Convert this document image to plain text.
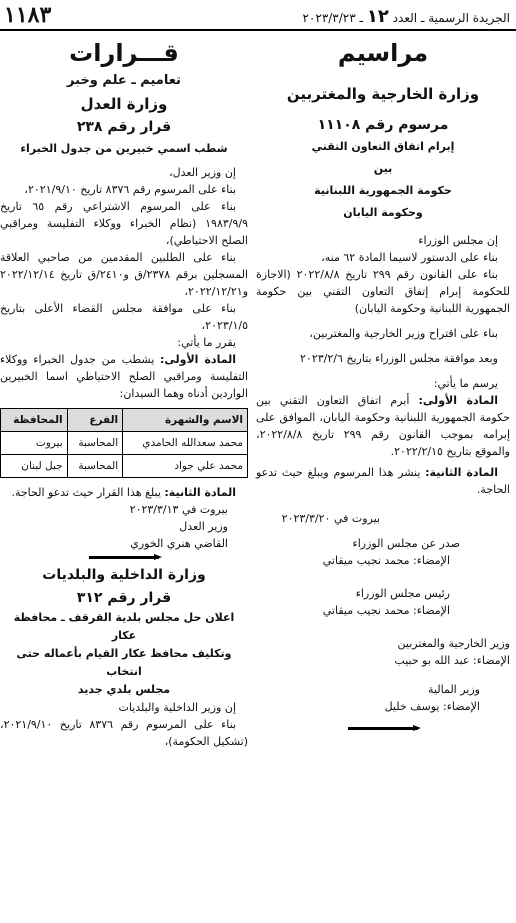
١١٨٣	الجريدة الرسمية ـ العدد ١٢ ـ ٢٠٢٣/٣/٢٣
مراسيم
وزارة الخارجية والمغتربين
مرسوم رقم ١١١٠٨
إبرام اتفاق التعاون التقني
بين
حكومة الجمهورية اللبنانية
وحكومة اليابان
إن مجلس الوزراء
بناء على الدستور لاسيما المادة ٦٢ منه،
بناء على القانون رقم ٢٩٩ تاريخ ٢٠٢٢/٨/٨ (الاجازة للحكومة إبرام إتفاق التعاون التقني بين حكومة الجمهورية اللبنانية وحكومة اليابان)
بناء على اقتراح وزير الخارجية والمغتربين،
وبعد موافقة مجلس الوزراء بتاريخ ٢٠٢٣/٢/٦
يرسم ما يأتي:
المادة الأولى: أبرم اتفاق التعاون التقني بين حكومة الجمهورية اللبنانية وحكومة اليابان، الموافق على إبرامه بموجب القانون رقم ٢٩٩ تاريخ ٢٠٢٢/٨/٨، والموقع بتاريخ ٢٠٢٢/٢/١٥.
المادة الثانية: ينشر هذا المرسوم ويبلغ حيث تدعو الحاجة.
بيروت في ٢٠٢٣/٣/٢٠
صدر عن مجلس الوزراء
الإمضاء: محمد نجيب ميقاتي
رئيس مجلس الوزراء
الإمضاء: محمد نجيب ميقاتي
وزير الخارجية والمغتربين
الإمضاء: عبد الله بو حبيب
وزير المالية
الإمضاء: يوسف خليل
قـــرارات
تعاميم ـ علم وخبر
وزارة العدل
قرار رقم ٢٣٨
شطب اسمي خبيرين من جدول الخبراء
إن وزير العدل،
بناء على المرسوم رقم ٨٣٧٦ تاريخ ٢٠٢١/٩/١٠،
بناء على المرسوم الاشتراعي رقم ٦٥ تاريخ ١٩٨٣/٩/٩ (نظام الخبراء ووكلاء التفليسة ومراقبي الصلح الاحتياطي)،
بناء على الطلبين المقدمين من صاحبي العلاقة المسجلين برقم ٢٣٧٨/ق و٢٤١٠/ق تاريخ ٢٠٢٢/١٢/١٤ و٢٠٢٢/١٢/٢١،
بناء على موافقة مجلس القضاء الأعلى بتاريخ ٢٠٢٣/١/٥،
يقرر ما يأتي:
المادة الأولى: يشطب من جدول الخبراء ووكلاء التفليسة ومراقبي الصلح الاحتياطي اسما الخبيرين الواردين أدناه وهما السيدان:
الاسم والشهرة	الفرع	المحافظة
محمد سعدالله الحامدي	المحاسبة	بيروت
محمد علي جواد	المحاسبة	جبل لبنان
المادة الثانية: يبلغ هذا القرار حيث تدعو الحاجة.
بيروت في ٢٠٢٣/٣/١٣
وزير العدل
القاضي هنري الخوري
وزارة الداخلية والبلديات
قرار رقم ٣١٢
اعلان حل مجلس بلدية القرقف ـ محافظة عكار
وتكليف محافظ عكار القيام بأعماله حتى انتخاب
مجلس بلدي جديد
إن وزير الداخلية والبلديات
بناء على المرسوم رقم ٨٣٧٦ تاريخ ٢٠٢١/٩/١٠، (تشكيل الحكومة)،
